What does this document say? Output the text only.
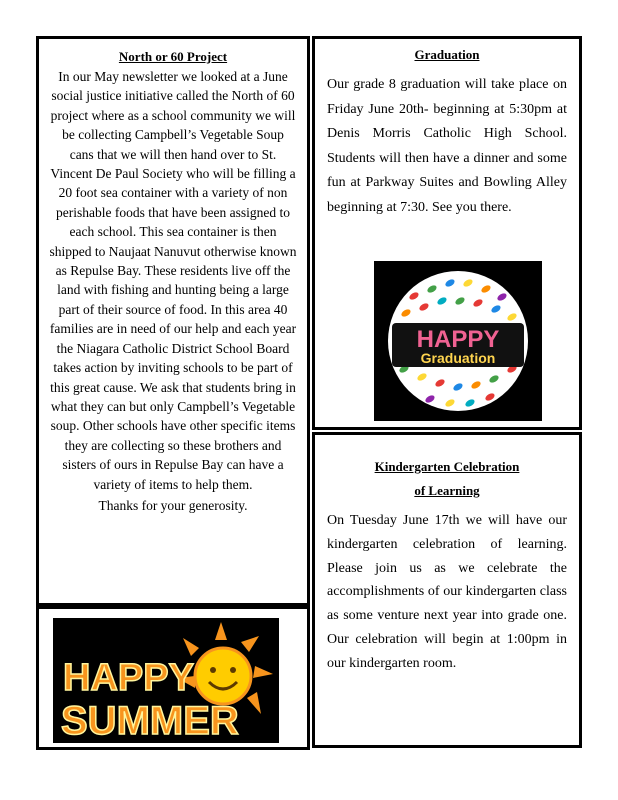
North or 60 Project
In our May newsletter we looked at a June social justice initiative called the North of 60 project where as a school community we will be collecting Campbell’s Vegetable Soup cans that we will then hand over to St. Vincent De Paul Society who will be filling a 20 foot sea container with a variety of non perishable foods that have been assigned to each school. This sea container is then shipped to Naujaat Nanuvut otherwise known as Repulse Bay. These residents live off the land with fishing and hunting being a large part of their source of food. In this area 40 families are in need of our help and each year the Niagara Catholic District School Board takes action by inviting schools to be part of this great cause. We ask that students bring in what they can but only Campbell’s Vegetable soup. Other schools have other specific items they are collecting so these brothers and sisters of ours in Repulse Bay can have a variety of items to help them.
Thanks for your generosity.
Graduation
Our grade 8 graduation will take place on Friday June 20th- beginning at 5:30pm at Denis Morris Catholic High School. Students will then have a dinner and some fun at Parkway Suites and Bowling Alley beginning at 7:30. See you there.
HAPPY
Graduation
Kindergarten Celebration
of Learning
On Tuesday June 17th we will have our kindergarten celebration of learning. Please join us as we celebrate the accomplishments of our kindergarten class as some venture next year into grade one. Our celebration will begin at 1:00pm in our kindergarten room.
HAPPY
SUMMER
